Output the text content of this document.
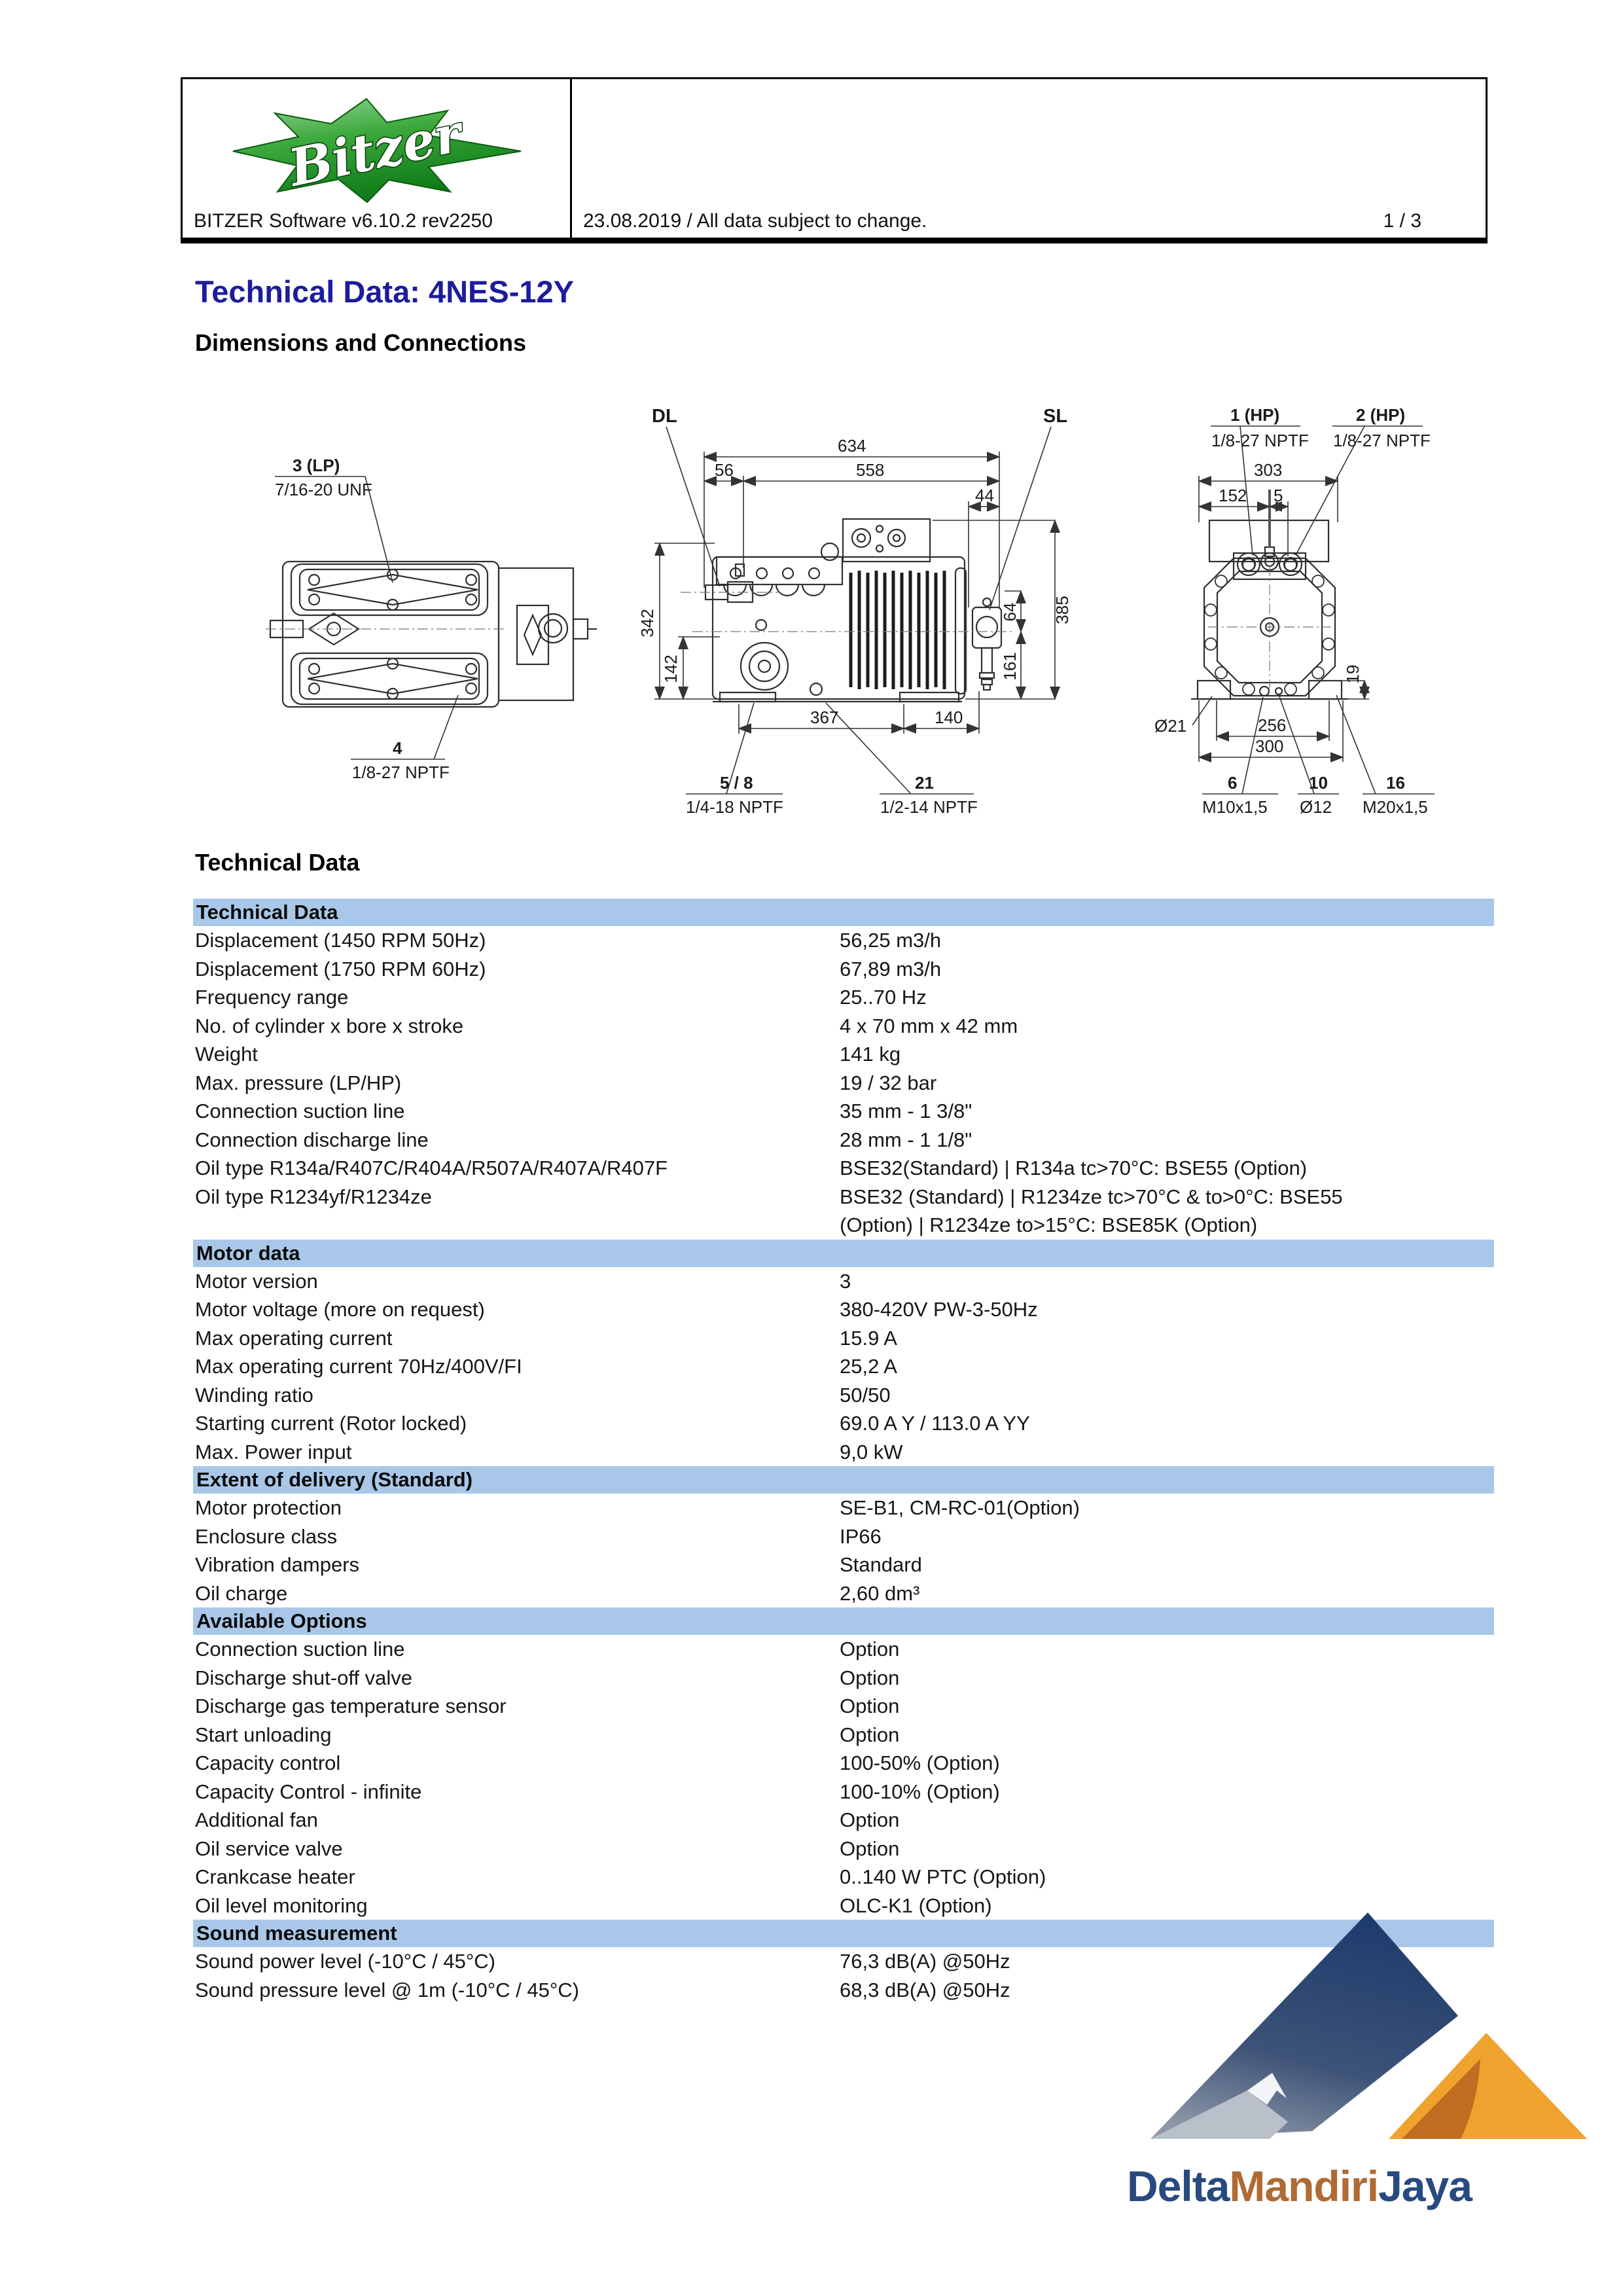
Bitzer
BITZER Software v6.10.2 rev2250	23.08.2019 / All data subject to change.	1 / 3
Technical Data: 4NES-12Y
Dimensions and Connections
Technical Data
3 (LP)
7/16-20 UNF
4
1/8-27 NPTF
DL	SL
634
56	558
44
342
142
64 385
161
367	140
5 / 8
1/4-18 NPTF
21
1/2-14 NPTF
1 (HP)
1/8-27 NPTF
2 (HP)
1/8-27 NPTF
303
152 5
19
Ø21	256
300
6
M10x1,5
10
Ø12
16
M20x1,5
Technical Data
Displacement (1450 RPM 50Hz)	56,25 m3/h
Displacement (1750 RPM 60Hz)	67,89 m3/h
Frequency range	25..70 Hz
No. of cylinder x bore x stroke	4 x 70 mm x 42 mm
Weight	141 kg
Max. pressure (LP/HP)	19 / 32 bar
Connection suction line	35 mm - 1 3/8"
Connection discharge line	28 mm - 1 1/8"
Oil type R134a/R407C/R404A/R507A/R407A/R407F	BSE32(Standard) | R134a tc>70°C: BSE55 (Option)
Oil type R1234yf/R1234ze	BSE32 (Standard) | R1234ze tc>70°C & to>0°C: BSE55
(Option) | R1234ze to>15°C: BSE85K (Option)
Motor data
Motor version	3
Motor voltage (more on request)	380-420V PW-3-50Hz
Max operating current	15.9 A
Max operating current 70Hz/400V/FI	25,2 A
Winding ratio	50/50
Starting current (Rotor locked)	69.0 A Y / 113.0 A YY
Max. Power input	9,0 kW
Extent of delivery (Standard)
Motor protection	SE-B1, CM-RC-01(Option)
Enclosure class	IP66
Vibration dampers	Standard
Oil charge	2,60 dm³
Available Options
Connection suction line	Option
Discharge shut-off valve	Option
Discharge gas temperature sensor	Option
Start unloading	Option
Capacity control	100-50% (Option)
Capacity Control - infinite	100-10% (Option)
Additional fan	Option
Oil service valve	Option
Crankcase heater	0..140 W PTC (Option)
Oil level monitoring	OLC-K1 (Option)
Sound measurement
Sound power level (-10°C / 45°C)	76,3 dB(A) @50Hz
Sound pressure level @ 1m (-10°C / 45°C)	68,3 dB(A) @50Hz
DeltaMandiriJaya
